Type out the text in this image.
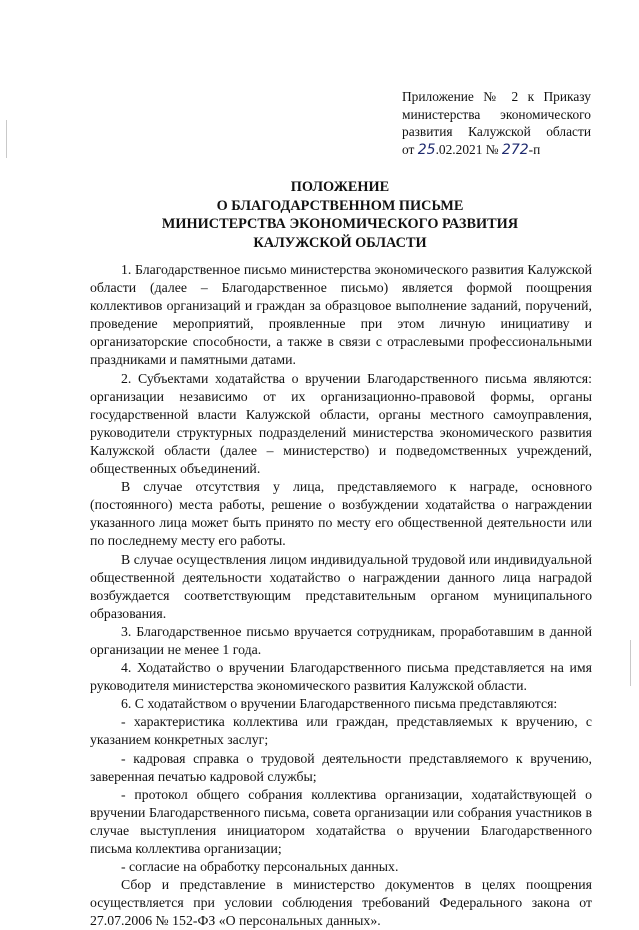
Приложение № 2 к Приказу
министерства экономического
развития Калужской области
от 25.02.2021 № 272-п
ПОЛОЖЕНИЕ
О БЛАГОДАРСТВЕННОМ ПИСЬМЕ
МИНИСТЕРСТВА ЭКОНОМИЧЕСКОГО РАЗВИТИЯ
КАЛУЖСКОЙ ОБЛАСТИ

1. Благодарственное письмо министерства экономического развития Калужской области (далее – Благодарственное письмо) является формой поощрения коллективов организаций и граждан за образцовое выполнение заданий, поручений, проведение мероприятий, проявленные при этом личную инициативу и организаторские способности, а также в связи с отраслевыми профессиональными праздниками и памятными датами.

2. Субъектами ходатайства о вручении Благодарственного письма являются: организации независимо от их организационно-правовой формы, органы государственной власти Калужской области, органы местного самоуправления, руководители структурных подразделений министерства экономического развития Калужской области (далее – министерство) и подведомственных учреждений, общественных объединений.

В случае отсутствия у лица, представляемого к награде, основного (постоянного) места работы, решение о возбуждении ходатайства о награждении указанного лица может быть принято по месту его общественной деятельности или по последнему месту его работы.

В случае осуществления лицом индивидуальной трудовой или индивидуальной общественной деятельности ходатайство о награждении данного лица наградой возбуждается соответствующим представительным органом муниципального образования.

3. Благодарственное письмо вручается сотрудникам, проработавшим в данной организации не менее 1 года.

4. Ходатайство о вручении Благодарственного письма представляется на имя руководителя министерства экономического развития Калужской области.

6. С ходатайством о вручении Благодарственного письма представляются:

- характеристика коллектива или граждан, представляемых к вручению, с указанием конкретных заслуг;

- кадровая справка о трудовой деятельности представляемого к вручению, заверенная печатью кадровой службы;

- протокол общего собрания коллектива организации, ходатайствующей о вручении Благодарственного письма, совета организации или собрания участников в случае выступления инициатором ходатайства о вручении Благодарственного письма коллектива организации;

- согласие на обработку персональных данных.

Сбор и представление в министерство документов в целях поощрения осуществляется при условии соблюдения требований Федерального закона от 27.07.2006 № 152-ФЗ «О персональных данных».
